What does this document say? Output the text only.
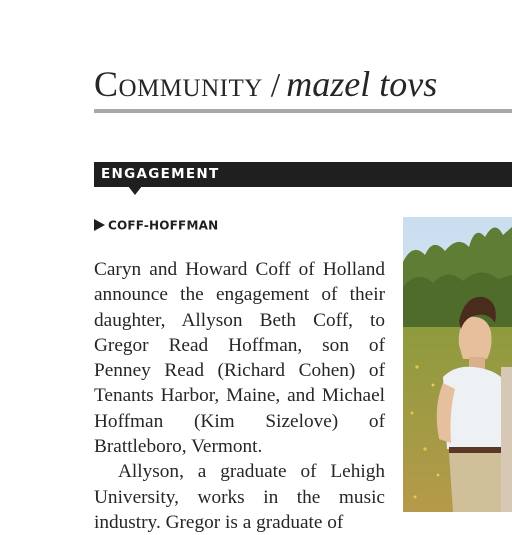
Community / mazel tovs
ENGAGEMENT
COFF-HOFFMAN

Caryn and Howard Coff of Holland announce the engagement of their daughter, Allyson Beth Coff, to Gregor Read Hoffman, son of Penney Read (Richard Cohen) of Tenants Harbor, Maine, and Michael Hoffman (Kim Sizelove) of Brattleboro, Vermont.

Allyson, a graduate of Lehigh University, works in the music industry. Gregor is a graduate of
